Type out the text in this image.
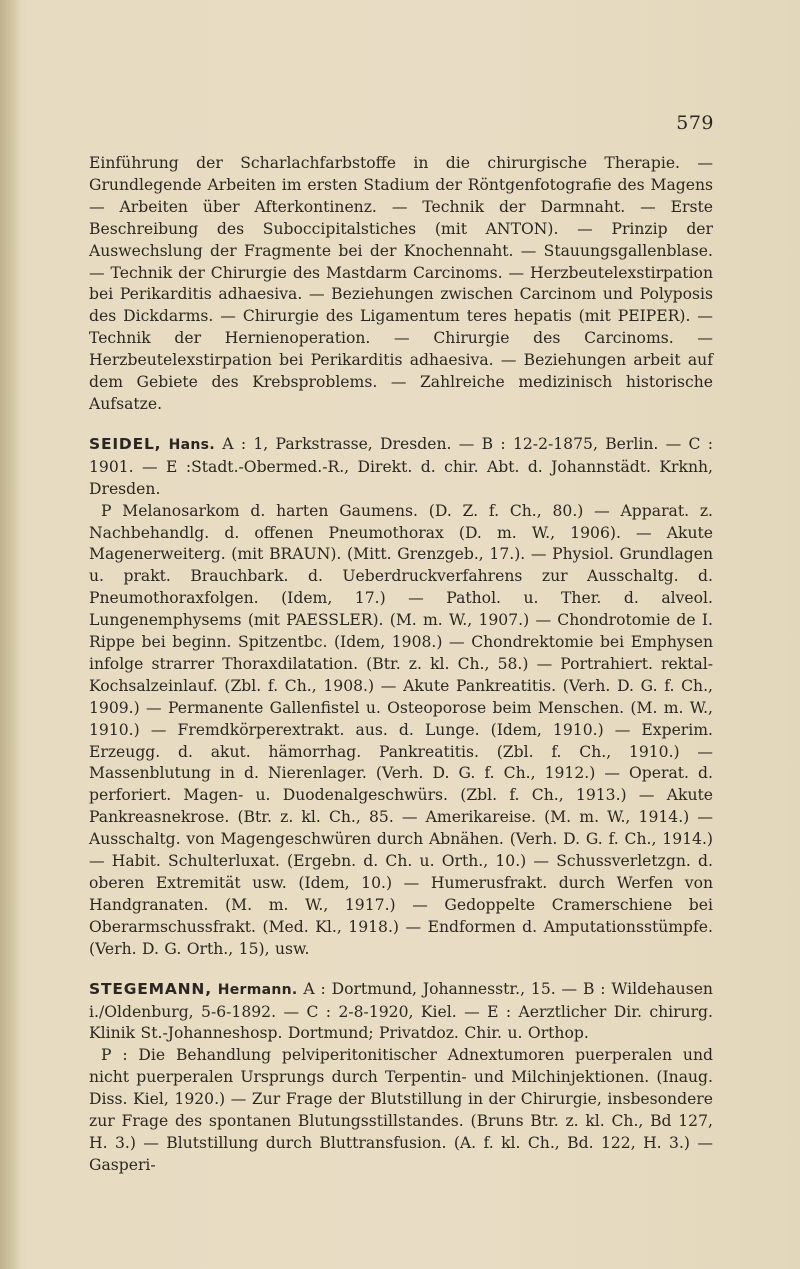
579

Einführung der Scharlachfarbstoffe in die chirurgische Therapie. — Grundlegende Arbeiten im ersten Stadium der Röntgenfotografie des Magens — Arbeiten über Afterkontinenz. — Technik der Darmnaht. — Erste Beschreibung des Suboccipitalstiches (mit ANTON). — Prinzip der Auswechslung der Fragmente bei der Knochennaht. — Stauungsgallenblase. — Technik der Chirurgie des Mastdarm Carcinoms. — Herzbeutelexstirpation bei Perikarditis adhaesiva. — Beziehungen zwischen Carcinom und Polyposis des Dickdarms. — Chirurgie des Ligamentum teres hepatis (mit PEIPER). — Technik der Hernienoperation. — Chirurgie des Carcinoms. — Herzbeutelexstirpation bei Perikarditis adhaesiva. — Beziehungen arbeit auf dem Gebiete des Krebsproblems. — Zahlreiche medizinisch historische Aufsatze.

SEIDEL, Hans. A : 1, Parkstrasse, Dresden. — B : 12-2-1875, Berlin. — C : 1901. — E :Stadt.-Obermed.-R., Direkt. d. chir. Abt. d. Johannstädt. Krknh, Dresden.

P Melanosarkom d. harten Gaumens. (D. Z. f. Ch., 80.) — Apparat. z. Nachbehandlg. d. offenen Pneumothorax (D. m. W., 1906). — Akute Magenerweiterg. (mit BRAUN). (Mitt. Grenzgeb., 17.). — Physiol. Grundlagen u. prakt. Brauchbark. d. Ueberdruckverfahrens zur Ausschaltg. d. Pneumothoraxfolgen. (Idem, 17.) — Pathol. u. Ther. d. alveol. Lungenemphysems (mit PAESSLER). (M. m. W., 1907.) — Chondrotomie de I. Rippe bei beginn. Spitzentbc. (Idem, 1908.) — Chondrektomie bei Emphysen infolge strarrer Thoraxdilatation. (Btr. z. kl. Ch., 58.) — Portrahiert. rektal- Kochsalzeinlauf. (Zbl. f. Ch., 1908.) — Akute Pankreatitis. (Verh. D. G. f. Ch., 1909.) — Permanente Gallenfistel u. Osteoporose beim Menschen. (M. m. W., 1910.) — Fremdkörperextrakt. aus. d. Lunge. (Idem, 1910.) — Experim. Erzeugg. d. akut. hämorrhag. Pankreatitis. (Zbl. f. Ch., 1910.) — Massenblutung in d. Nierenlager. (Verh. D. G. f. Ch., 1912.) — Operat. d. perforiert. Magen- u. Duodenalgeschwürs. (Zbl. f. Ch., 1913.) — Akute Pankreasnekrose. (Btr. z. kl. Ch., 85. — Amerikareise. (M. m. W., 1914.) — Ausschaltg. von Magengeschwüren durch Abnähen. (Verh. D. G. f. Ch., 1914.) — Habit. Schulterluxat. (Ergebn. d. Ch. u. Orth., 10.) — Schussverletzgn. d. oberen Extremität usw. (Idem, 10.) — Humerusfrakt. durch Werfen von Handgranaten. (M. m. W., 1917.) — Gedoppelte Cramerschiene bei Oberarmschussfrakt. (Med. Kl., 1918.) — Endformen d. Amputationsstümpfe. (Verh. D. G. Orth., 15), usw.

STEGEMANN, Hermann. A : Dortmund, Johannesstr., 15. — B : Wildehausen i./Oldenburg, 5-6-1892. — C : 2-8-1920, Kiel. — E : Aerztlicher Dir. chirurg. Klinik St.-Johanneshosp. Dortmund; Privatdoz. Chir. u. Orthop.

P : Die Behandlung pelviperitonitischer Adnextumoren puerperalen und nicht puerperalen Ursprungs durch Terpentin- und Milchinjektionen. (Inaug. Diss. Kiel, 1920.) — Zur Frage der Blutstillung in der Chirurgie, insbesondere zur Frage des spontanen Blutungsstillstandes. (Bruns Btr. z. kl. Ch., Bd 127, H. 3.) — Blutstillung durch Bluttransfusion. (A. f. kl. Ch., Bd. 122, H. 3.) — Gasperi-
